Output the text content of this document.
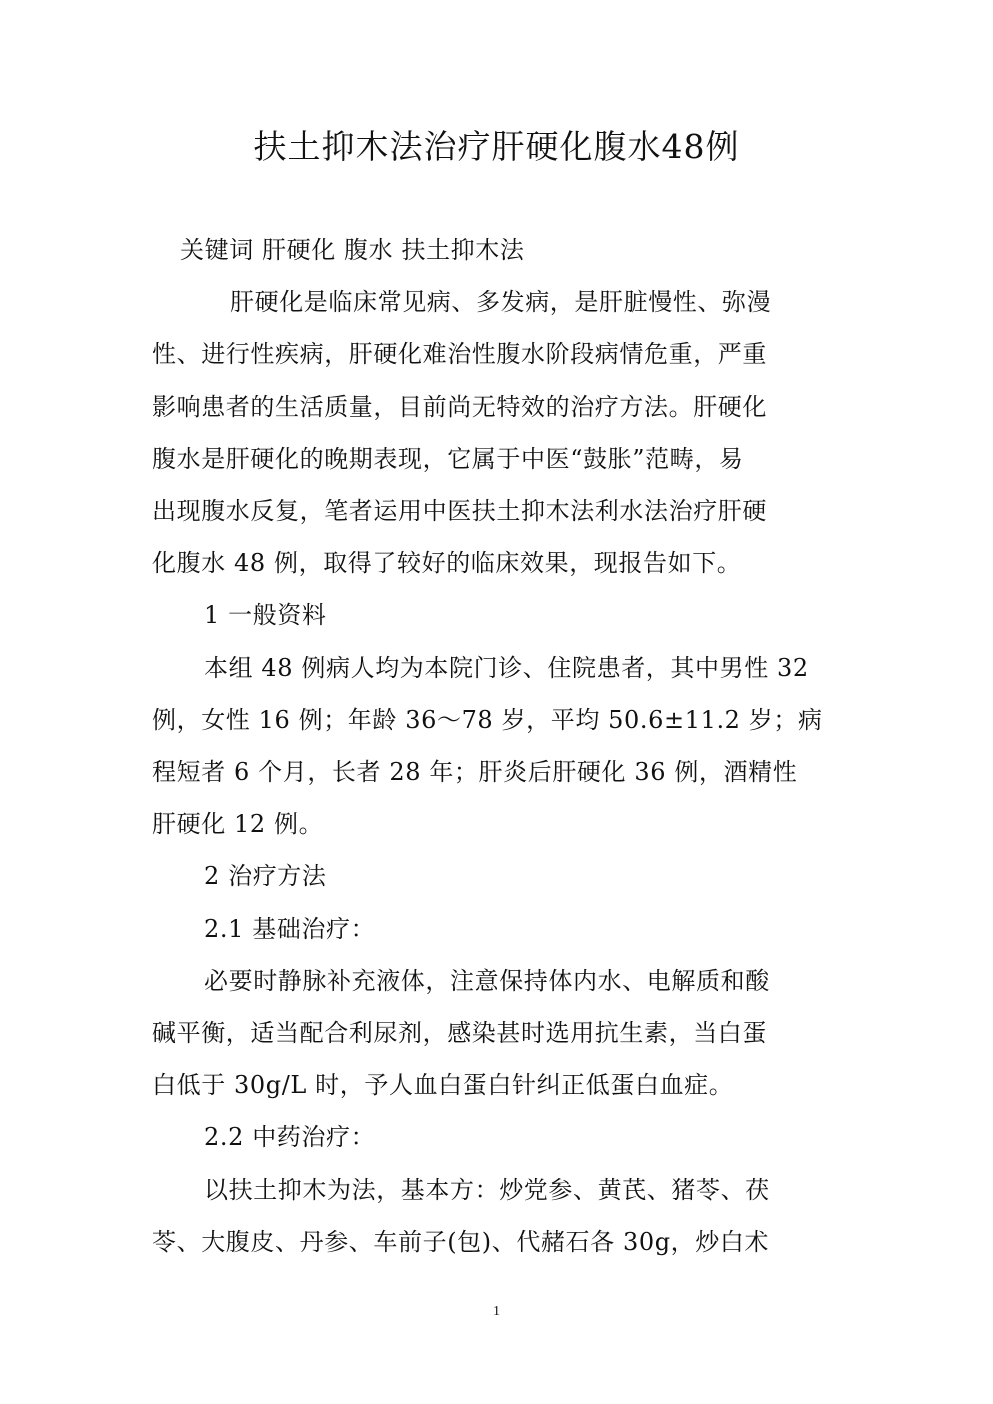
扶土抑木法治疗肝硬化腹水48例

关键词 肝硬化 腹水 扶土抑木法

肝硬化是临床常见病、多发病，是肝脏慢性、弥漫
性、进行性疾病，肝硬化难治性腹水阶段病情危重，严重
影响患者的生活质量，目前尚无特效的治疗方法。肝硬化
腹水是肝硬化的晚期表现，它属于中医“鼓胀”范畴，易
出现腹水反复，笔者运用中医扶土抑木法利水法治疗肝硬
化腹水 48 例，取得了较好的临床效果，现报告如下。

1 一般资料

本组 48 例病人均为本院门诊、住院患者，其中男性 32
例，女性 16 例；年龄 36～78 岁，平均 50.6±11.2 岁；病
程短者 6 个月，长者 28 年；肝炎后肝硬化 36 例，酒精性
肝硬化 12 例。

2 治疗方法

2.1 基础治疗：

必要时静脉补充液体，注意保持体内水、电解质和酸
碱平衡，适当配合利尿剂，感染甚时选用抗生素，当白蛋
白低于 30g/L 时，予人血白蛋白针纠正低蛋白血症。

2.2 中药治疗：

以扶土抑木为法，基本方：炒党参、黄芪、猪苓、茯
苓、大腹皮、丹参、车前子(包)、代赭石各 30g，炒白术

1
